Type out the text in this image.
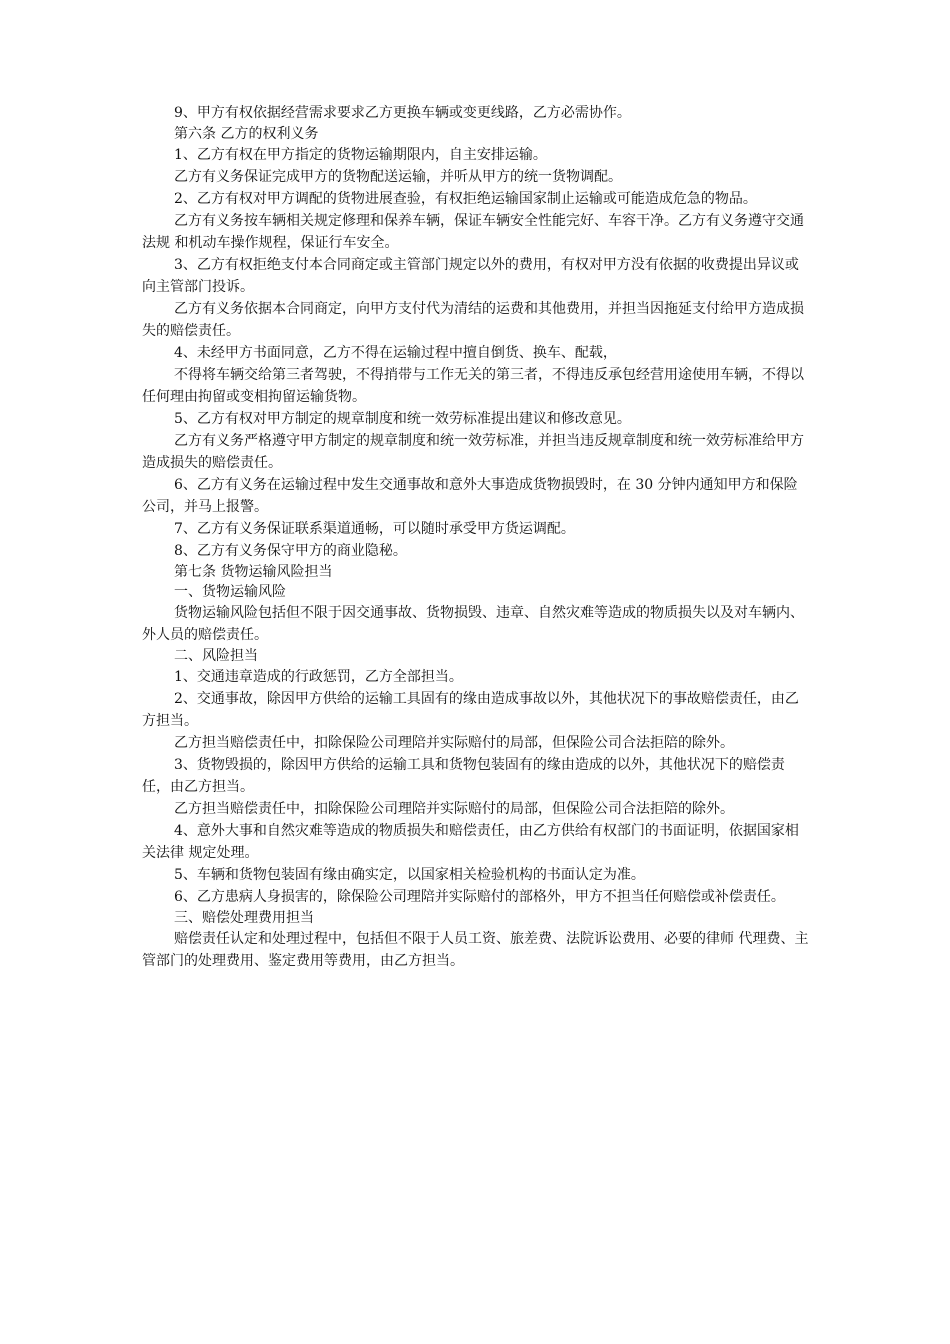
9、甲方有权依据经营需求要求乙方更换车辆或变更线路，乙方必需协作。

第六条 乙方的权利义务

1、乙方有权在甲方指定的货物运输期限内，自主安排运输。

乙方有义务保证完成甲方的货物配送运输，并听从甲方的统一货物调配。

2、乙方有权对甲方调配的货物进展查验，有权拒绝运输国家制止运输或可能造成危急的物品。

乙方有义务按车辆相关规定修理和保养车辆，保证车辆安全性能完好、车容干净。乙方有义务遵守交通法规 和机动车操作规程，保证行车安全。

3、乙方有权拒绝支付本合同商定或主管部门规定以外的费用，有权对甲方没有依据的收费提出异议或向主管部门投诉。

乙方有义务依据本合同商定，向甲方支付代为清结的运费和其他费用，并担当因拖延支付给甲方造成损失的赔偿责任。

4、未经甲方书面同意，乙方不得在运输过程中擅自倒货、换车、配载，

不得将车辆交给第三者驾驶，不得捎带与工作无关的第三者，不得违反承包经营用途使用车辆，不得以任何理由拘留或变相拘留运输货物。

5、乙方有权对甲方制定的规章制度和统一效劳标准提出建议和修改意见。

乙方有义务严格遵守甲方制定的规章制度和统一效劳标准，并担当违反规章制度和统一效劳标准给甲方造成损失的赔偿责任。

6、乙方有义务在运输过程中发生交通事故和意外大事造成货物损毁时，在 30 分钟内通知甲方和保险公司，并马上报警。

7、乙方有义务保证联系渠道通畅，可以随时承受甲方货运调配。

8、乙方有义务保守甲方的商业隐秘。

第七条 货物运输风险担当

一、货物运输风险

货物运输风险包括但不限于因交通事故、货物损毁、违章、自然灾难等造成的物质损失以及对车辆内、外人员的赔偿责任。

二、风险担当

1、交通违章造成的行政惩罚，乙方全部担当。

2、交通事故，除因甲方供给的运输工具固有的缘由造成事故以外，其他状况下的事故赔偿责任，由乙方担当。

乙方担当赔偿责任中，扣除保险公司理陪并实际赔付的局部，但保险公司合法拒陪的除外。

3、货物毁损的，除因甲方供给的运输工具和货物包装固有的缘由造成的以外，其他状况下的赔偿责任，由乙方担当。

乙方担当赔偿责任中，扣除保险公司理陪并实际赔付的局部，但保险公司合法拒陪的除外。

4、意外大事和自然灾难等造成的物质损失和赔偿责任，由乙方供给有权部门的书面证明，依据国家相关法律 规定处理。

5、车辆和货物包装固有缘由确实定，以国家相关检验机构的书面认定为准。

6、乙方患病人身损害的，除保险公司理陪并实际赔付的部格外，甲方不担当任何赔偿或补偿责任。

三、赔偿处理费用担当

赔偿责任认定和处理过程中，包括但不限于人员工资、旅差费、法院诉讼费用、必要的律师 代理费、主管部门的处理费用、鉴定费用等费用，由乙方担当。
